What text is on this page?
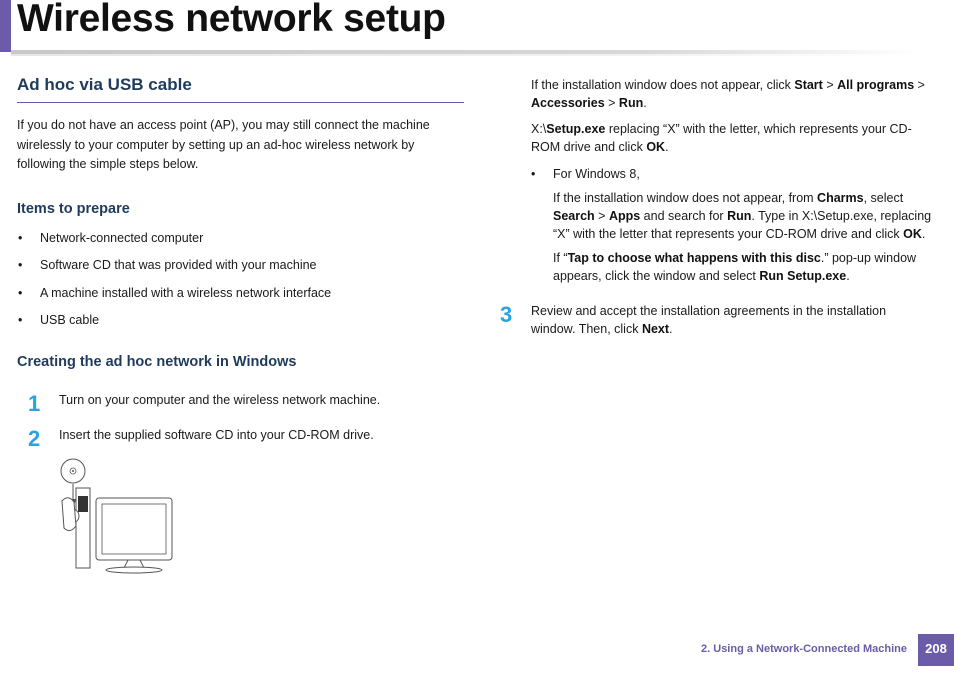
Wireless network setup
Ad hoc via USB cable

If you do not have an access point (AP), you may still connect the machine
wirelessly to your computer by setting up an ad-hoc wireless network by
following the simple steps below.

Items to prepare

• Network-connected computer

• Software CD that was provided with your machine

• A machine installed with a wireless network interface

• USB cable

Creating the ad hoc network in Windows
1 Turn on your computer and the wireless network machine.

2 Insert the supplied software CD into your CD-ROM drive.

If the installation window does not appear, click Start > All programs >
Accessories > Run.

X:\Setup.exe replacing “X” with the letter, which represents your CD-
ROM drive and click OK.

• For Windows 8,

If the installation window does not appear, from Charms, select
Search > Apps and search for Run. Type in X:\Setup.exe, replacing
“X” with the letter that represents your CD-ROM drive and click OK.

If “Tap to choose what happens with this disc.” pop-up window
appears, click the window and select Run Setup.exe.

3 Review and accept the installation agreements in the installation
window. Then, click Next.

2. Using a Network-Connected Machine	208
